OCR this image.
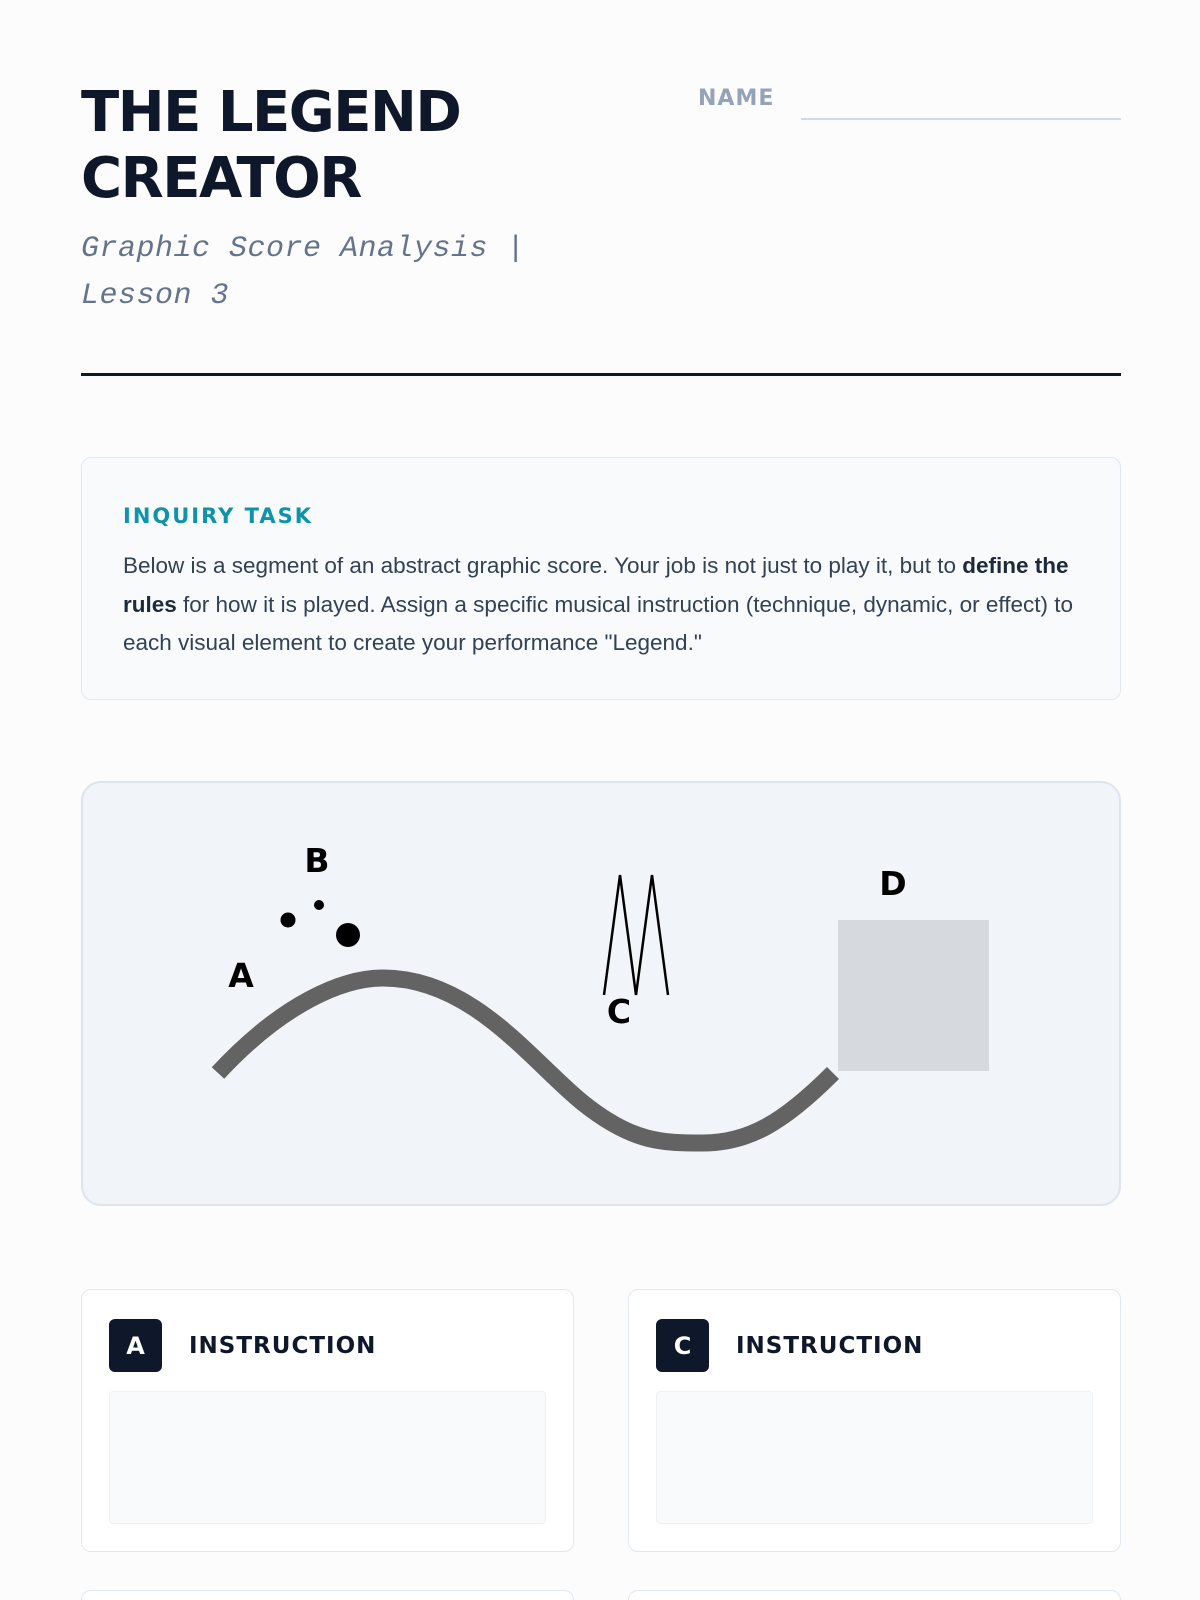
THE LEGEND CREATOR
Graphic Score Analysis | Lesson 3
NAME
INQUIRY TASK

Below is a segment of an abstract graphic score. Your job is not just to play it, but to define the rules for how it is played. Assign a specific musical instruction (technique, dynamic, or effect) to each visual element to create your performance "Legend."

A
B
C
D
A	INSTRUCTION	C	INSTRUCTION
